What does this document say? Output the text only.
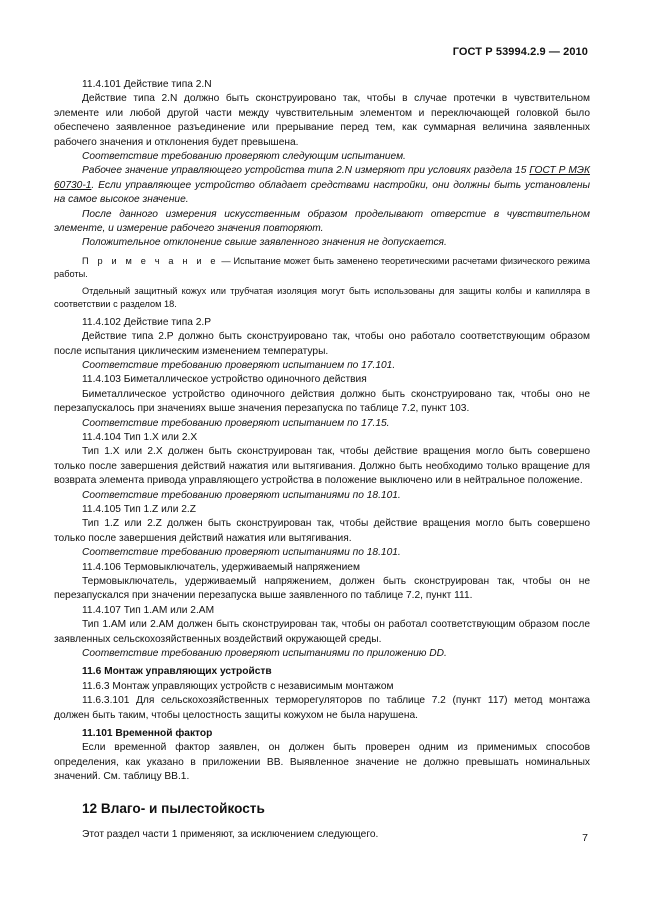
ГОСТ Р 53994.2.9 — 2010

11.4.101 Действие типа 2.N

Действие типа 2.N должно быть сконструировано так, чтобы в случае протечки в чувствительном элементе или любой другой части между чувствительным элементом и переключающей головкой было обеспечено заявленное разъединение или прерывание перед тем, как суммарная величина заявленных рабочего значения и отклонения будет превышена.

Соответствие требованию проверяют следующим испытанием.

Рабочее значение управляющего устройства типа 2.N измеряют при условиях раздела 15 ГОСТ Р МЭК 60730-1. Если управляющее устройство обладает средствами настройки, они должны быть установлены на самое высокое значение.

После данного измерения искусственным образом проделывают отверстие в чувствительном элементе, и измерение рабочего значения повторяют.

Положительное отклонение свыше заявленного значения не допускается.

П р и м е ч а н и е — Испытание может быть заменено теоретическими расчетами физического режима работы.

Отдельный защитный кожух или трубчатая изоляция могут быть использованы для защиты колбы и капилляра в соответствии с разделом 18.

11.4.102 Действие типа 2.P

Действие типа 2.P должно быть сконструировано так, чтобы оно работало соответствующим образом после испытания циклическим изменением температуры.

Соответствие требованию проверяют испытанием по 17.101.

11.4.103 Биметаллическое устройство одиночного действия

Биметаллическое устройство одиночного действия должно быть сконструировано так, чтобы оно не перезапускалось при значениях выше значения перезапуска по таблице 7.2, пункт 103.

Соответствие требованию проверяют испытанием по 17.15.

11.4.104 Тип 1.X или 2.X

Тип 1.X или 2.X должен быть сконструирован так, чтобы действие вращения могло быть совершено только после завершения действий нажатия или вытягивания. Должно быть необходимо только вращение для возврата элемента привода управляющего устройства в положение выключено или в нейтральное положение.

Соответствие требованию проверяют испытаниями по 18.101.

11.4.105 Тип 1.Z или 2.Z

Тип 1.Z или 2.Z должен быть сконструирован так, чтобы действие вращения могло быть совершено только после завершения действий нажатия или вытягивания.

Соответствие требованию проверяют испытаниями по 18.101.

11.4.106 Термовыключатель, удерживаемый напряжением

Термовыключатель, удерживаемый напряжением, должен быть сконструирован так, чтобы он не перезапускался при значении перезапуска выше заявленного по таблице 7.2, пункт 111.

11.4.107 Тип 1.AM или 2.AM

Тип 1.AM или 2.AM должен быть сконструирован так, чтобы он работал соответствующим образом после заявленных сельскохозяйственных воздействий окружающей среды.

Соответствие требованию проверяют испытаниями по приложению DD.

11.6 Монтаж управляющих устройств

11.6.3 Монтаж управляющих устройств с независимым монтажом

11.6.3.101 Для сельскохозяйственных терморегуляторов по таблице 7.2 (пункт 117) метод монтажа должен быть таким, чтобы целостность защиты кожухом не была нарушена.

11.101 Временной фактор

Если временной фактор заявлен, он должен быть проверен одним из применимых способов определения, как указано в приложении BB. Выявленное значение не должно превышать номинальных значений. См. таблицу BB.1.

12 Влаго- и пылестойкость

Этот раздел части 1 применяют, за исключением следующего.	7
